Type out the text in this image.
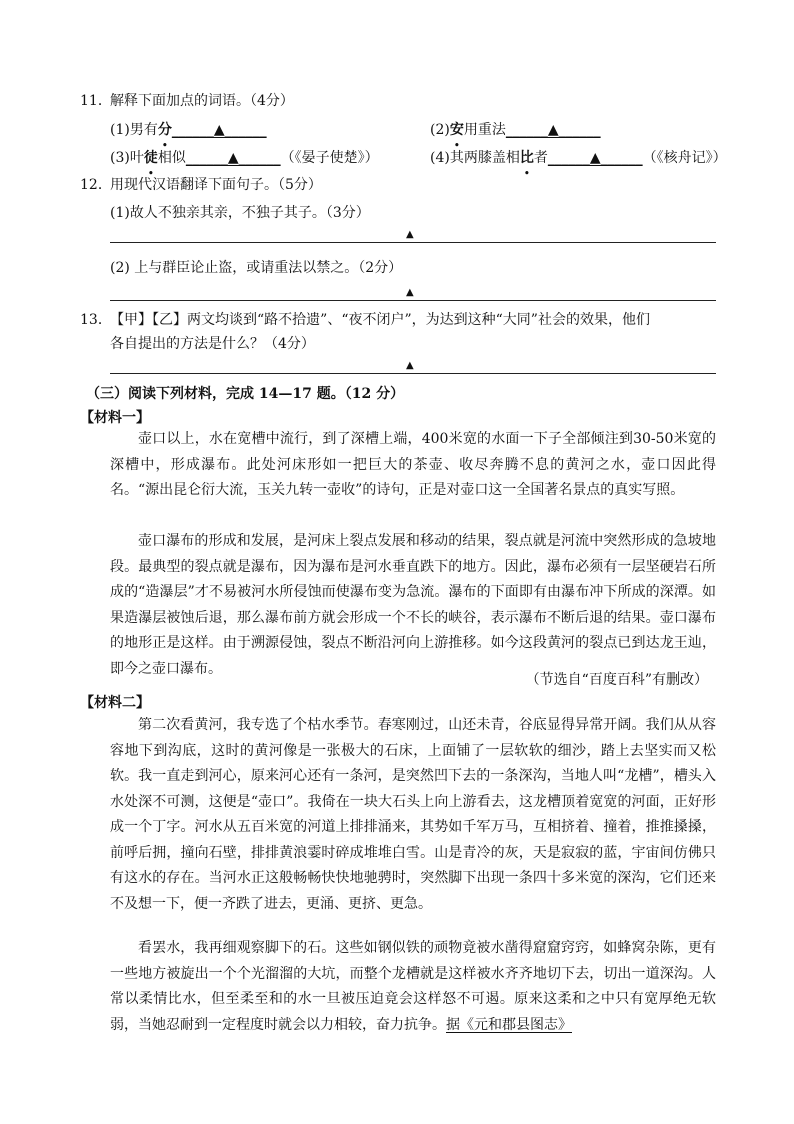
11．解释下面加点的词语。（4分）
(1)男有分______▲______	(2)安用重法______▲______
(3)叶徒相似______▲______（《晏子使楚》）	(4)其两膝盖相比者______▲______（《核舟记》）
12．用现代汉语翻译下面句子。（5分）
(1)故人不独亲其亲，不独子其子。（3分）
▲
(2) 上与群臣论止盗，或请重法以禁之。（2分）
▲
13．【甲】【乙】两文均谈到“路不拾遗”、“夜不闭户”，为达到这种“大同”社会的效果，他们
各自提出的方法是什么？（4分）
▲
（三）阅读下列材料，完成 14—17 题。（12 分）
【材料一】

壶口以上，水在宽槽中流行，到了深槽上端，400米宽的水面一下子全部倾注到30-50米宽的深槽中，形成瀑布。此处河床形如一把巨大的茶壶、收尽奔腾不息的黄河之水，壶口因此得名。“源出昆仑衍大流，玉关九转一壶收”的诗句，正是对壶口这一全国著名景点的真实写照。

壶口瀑布的形成和发展，是河床上裂点发展和移动的结果，裂点就是河流中突然形成的急坡地段。最典型的裂点就是瀑布，因为瀑布是河水垂直跌下的地方。因此，瀑布必须有一层坚硬岩石所成的“造瀑层”才不易被河水所侵蚀而使瀑布变为急流。瀑布的下面即有由瀑布冲下所成的深潭。如果造瀑层被蚀后退，那么瀑布前方就会形成一个不长的峡谷，表示瀑布不断后退的结果。壶口瀑布的地形正是这样。由于溯源侵蚀，裂点不断沿河向上游推移。如今这段黄河的裂点已到达龙王辿，即今之壶口瀑布。

（节选自“百度百科”有删改）
【材料二】

第二次看黄河，我专选了个枯水季节。春寒刚过，山还未青，谷底显得异常开阔。我们从从容容地下到沟底，这时的黄河像是一张极大的石床，上面铺了一层软软的细沙，踏上去坚实而又松软。我一直走到河心，原来河心还有一条河，是突然凹下去的一条深沟，当地人叫“龙槽”，槽头入水处深不可测，这便是“壶口”。我倚在一块大石头上向上游看去，这龙槽顶着宽宽的河面，正好形成一个丁字。河水从五百米宽的河道上排排涌来，其势如千军万马，互相挤着、撞着，推推搡搡，前呼后拥，撞向石壁，排排黄浪霎时碎成堆堆白雪。山是青冷的灰，天是寂寂的蓝，宇宙间仿佛只有这水的存在。当河水正这般畅畅快快地驰骋时，突然脚下出现一条四十多米宽的深沟，它们还来不及想一下，便一齐跌了进去，更涌、更挤、更急。

看罢水，我再细观察脚下的石。这些如钢似铁的顽物竟被水凿得窟窟窍窍，如蜂窝杂陈，更有一些地方被旋出一个个光溜溜的大坑，而整个龙槽就是这样被水齐齐地切下去，切出一道深沟。人常以柔情比水，但至柔至和的水一旦被压迫竟会这样怒不可遏。原来这柔和之中只有宽厚绝无软弱，当她忍耐到一定程度时就会以力相较，奋力抗争。据《元和郡县图志》
